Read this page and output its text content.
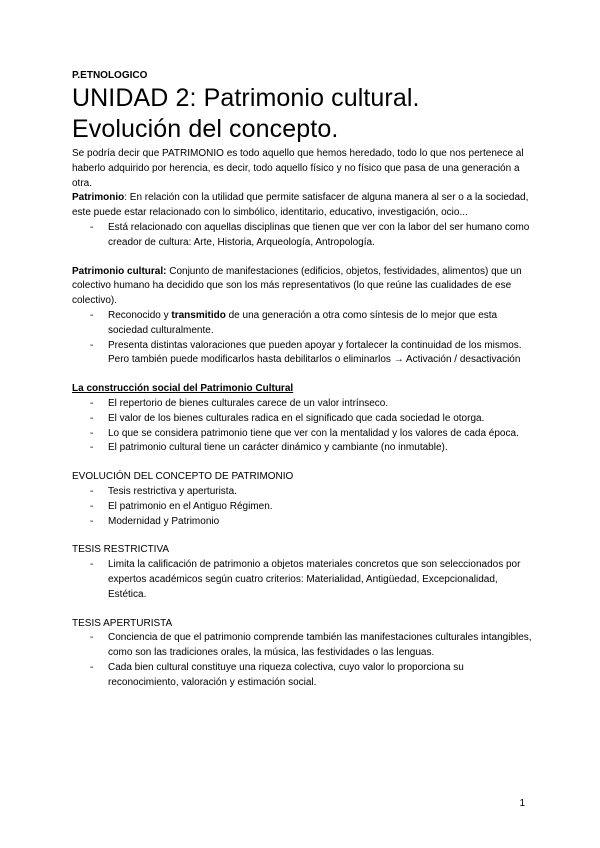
P.ETNOLOGICO
UNIDAD 2: Patrimonio cultural.
Evolución del concepto.

Se podría decir que PATRIMONIO es todo aquello que hemos heredado, todo lo que nos pertenece al haberlo adquirido por herencia, es decir, todo aquello físico y no físico que pasa de una generación a otra.

Patrimonio: En relación con la utilidad que permite satisfacer de alguna manera al ser o a la sociedad, este puede estar relacionado con lo simbólico, identitario, educativo, investigación, ocio...

- Está relacionado con aquellas disciplinas que tienen que ver con la labor del ser humano como creador de cultura: Arte, Historia, Arqueología, Antropología.

Patrimonio cultural: Conjunto de manifestaciones (edificios, objetos, festividades, alimentos) que un colectivo humano ha decidido que son los más representativos (lo que reúne las cualidades de ese colectivo).

- Reconocido y transmitido de una generación a otra como síntesis de lo mejor que esta sociedad culturalmente.
- Presenta distintas valoraciones que pueden apoyar y fortalecer la continuidad de los mismos. Pero también puede modificarlos hasta debilitarlos o eliminarlos → Activación / desactivación
La construcción social del Patrimonio Cultural
- El repertorio de bienes culturales carece de un valor intrínseco.
- El valor de los bienes culturales radica en el significado que cada sociedad le otorga.
- Lo que se considera patrimonio tiene que ver con la mentalidad y los valores de cada época.
- El patrimonio cultural tiene un carácter dinámico y cambiante (no inmutable).
EVOLUCIÓN DEL CONCEPTO DE PATRIMONIO
- Tesis restrictiva y aperturista.
- El patrimonio en el Antiguo Régimen.
- Modernidad y Patrimonio
TESIS RESTRICTIVA
- Limita la calificación de patrimonio a objetos materiales concretos que son seleccionados por expertos académicos según cuatro criterios: Materialidad, Antigüedad, Excepcionalidad, Estética.
TESIS APERTURISTA
- Conciencia de que el patrimonio comprende también las manifestaciones culturales intangibles, como son las tradiciones orales, la música, las festividades o las lenguas.
- Cada bien cultural constituye una riqueza colectiva, cuyo valor lo proporciona su reconocimiento, valoración y estimación social.
1
